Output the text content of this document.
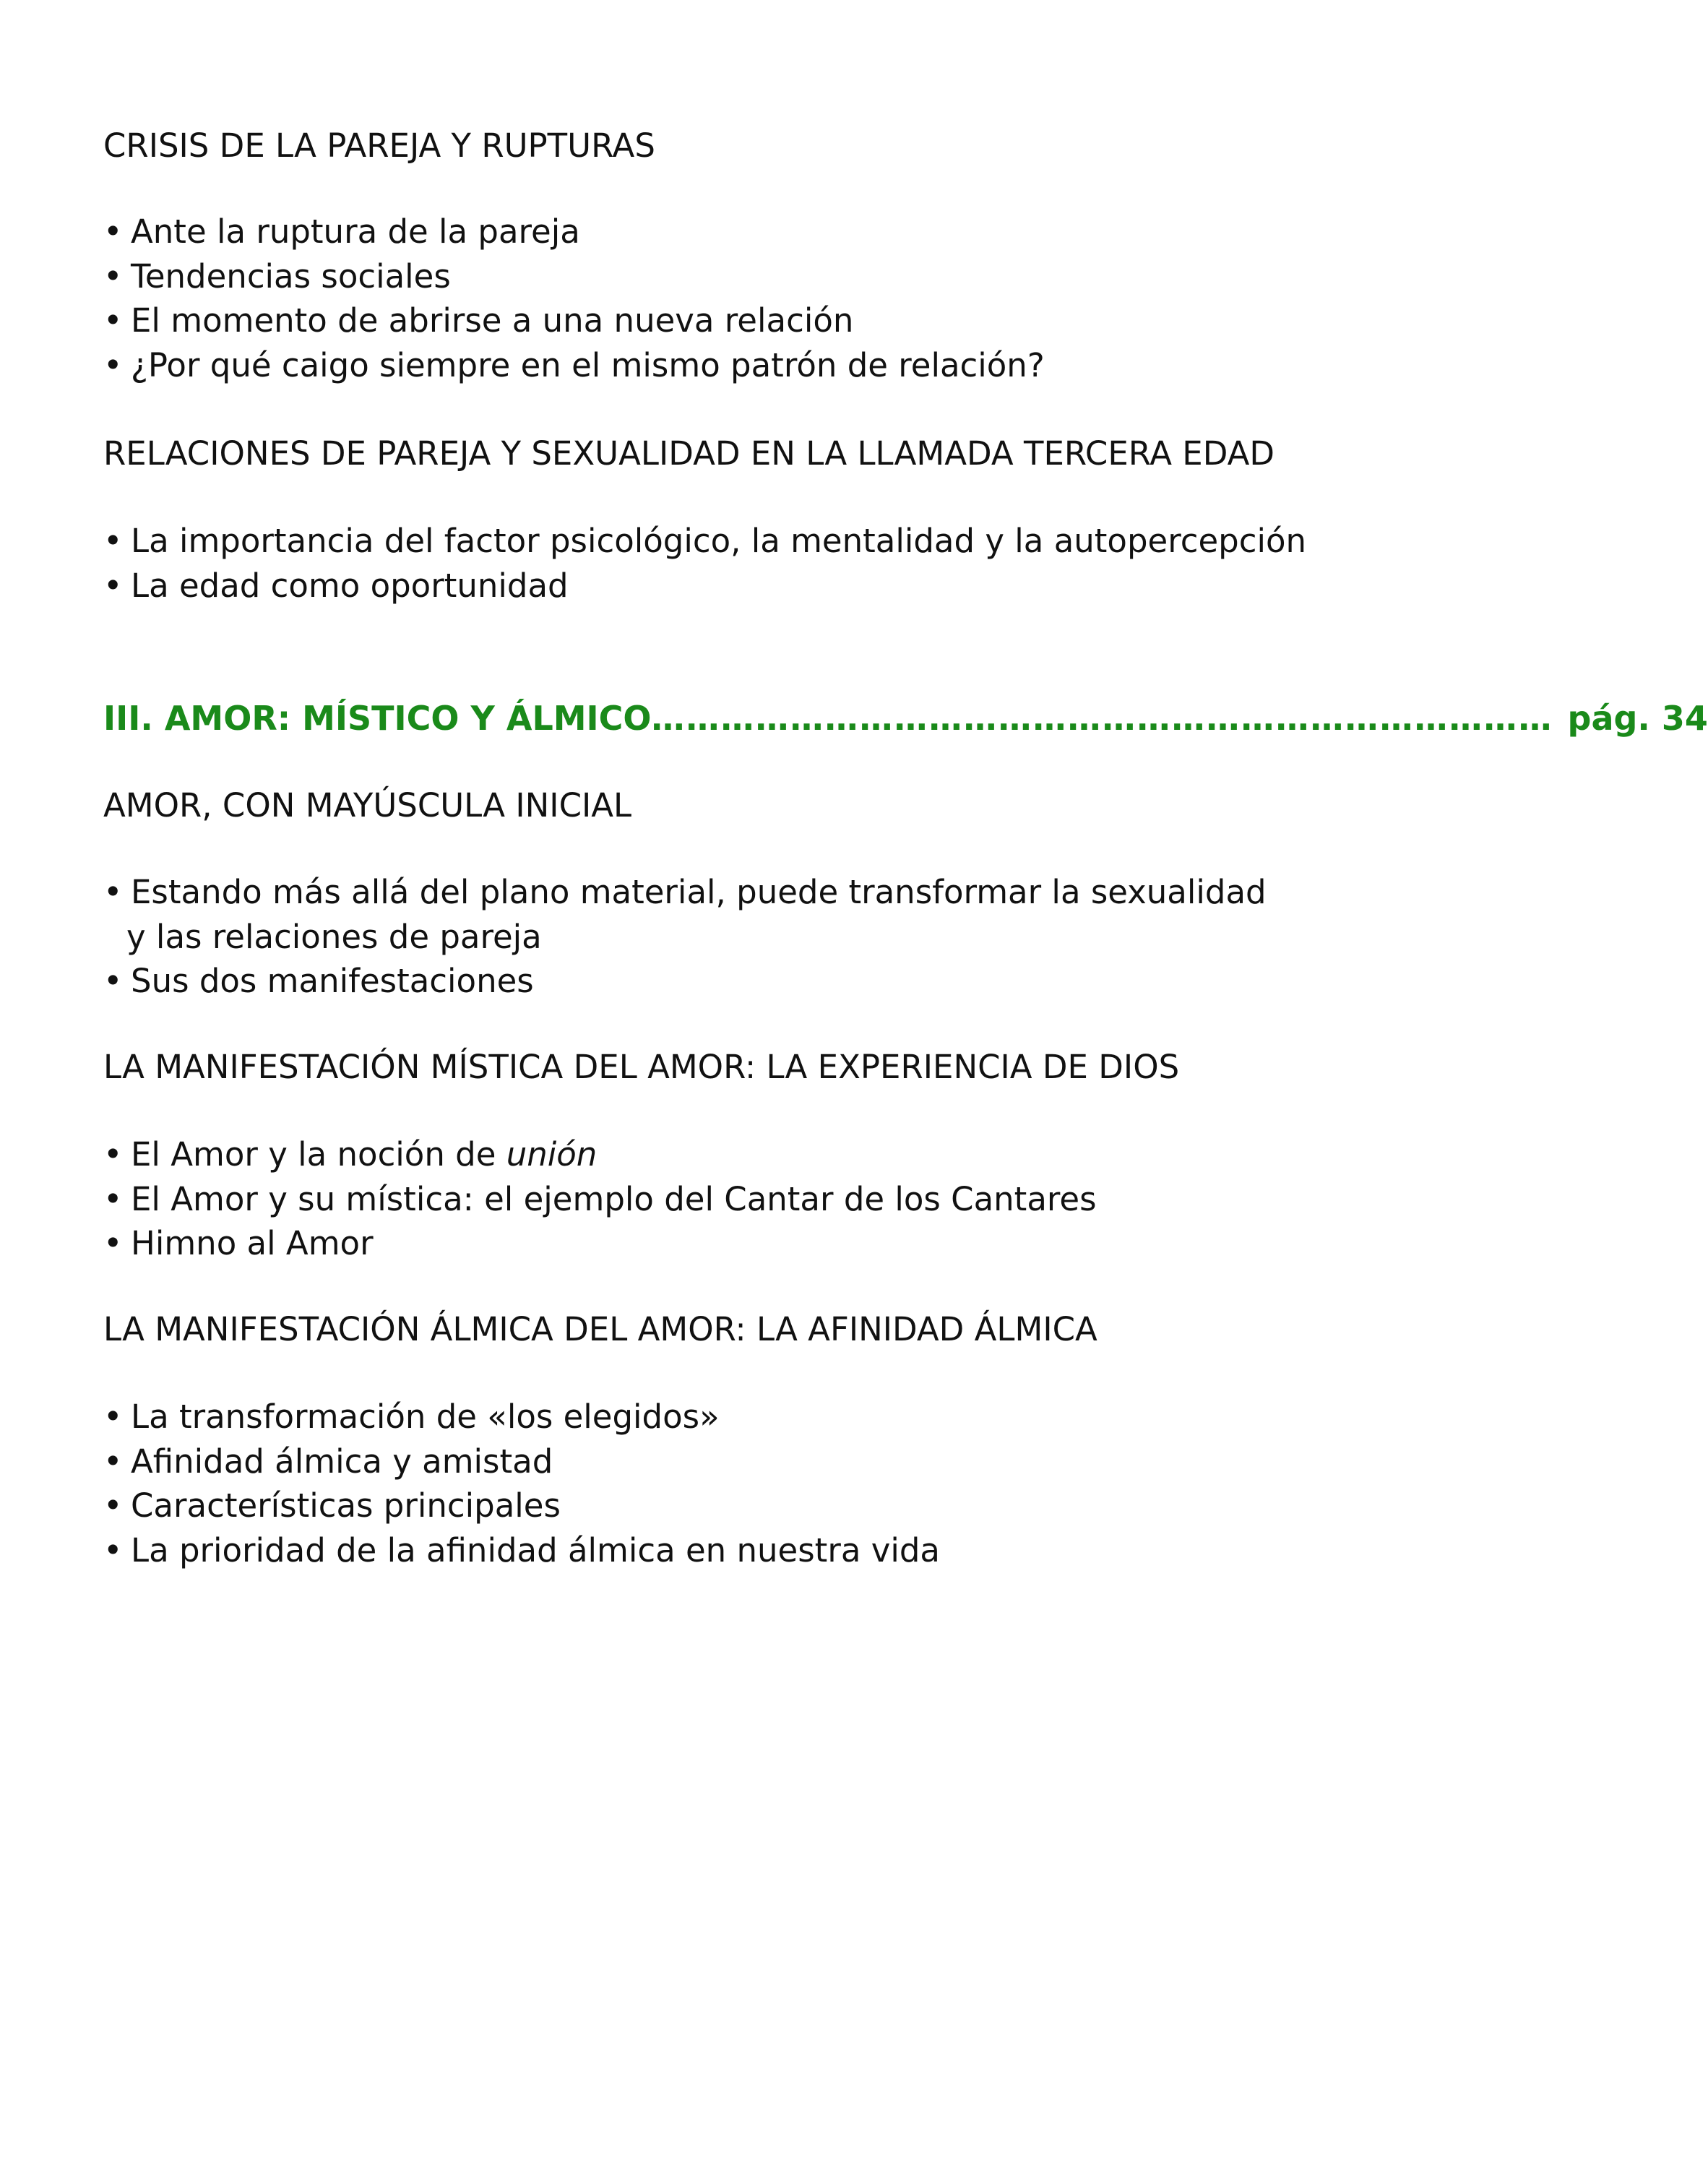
CRISIS DE LA PAREJA Y RUPTURAS
• Ante la ruptura de la pareja
• Tendencias sociales
• El momento de abrirse a una nueva relación
• ¿Por qué caigo siempre en el mismo patrón de relación?
RELACIONES DE PAREJA Y SEXUALIDAD EN LA LLAMADA TERCERA EDAD
• La importancia del factor psicológico, la mentalidad y la autopercepción
• La edad como oportunidad
III. AMOR: MÍSTICO Y ÁLMICO …………………………………………………………………… pág. 34
AMOR, CON MAYÚSCULA INICIAL
• Estando más allá del plano material, puede transformar la sexualidad
y las relaciones de pareja
• Sus dos manifestaciones
LA MANIFESTACIÓN MÍSTICA DEL AMOR: LA EXPERIENCIA DE DIOS
• El Amor y la noción de unión
• El Amor y su mística: el ejemplo del Cantar de los Cantares
• Himno al Amor
LA MANIFESTACIÓN ÁLMICA DEL AMOR: LA AFINIDAD ÁLMICA
• La transformación de «los elegidos»
• Afinidad álmica y amistad
• Características principales
• La prioridad de la afinidad álmica en nuestra vida
